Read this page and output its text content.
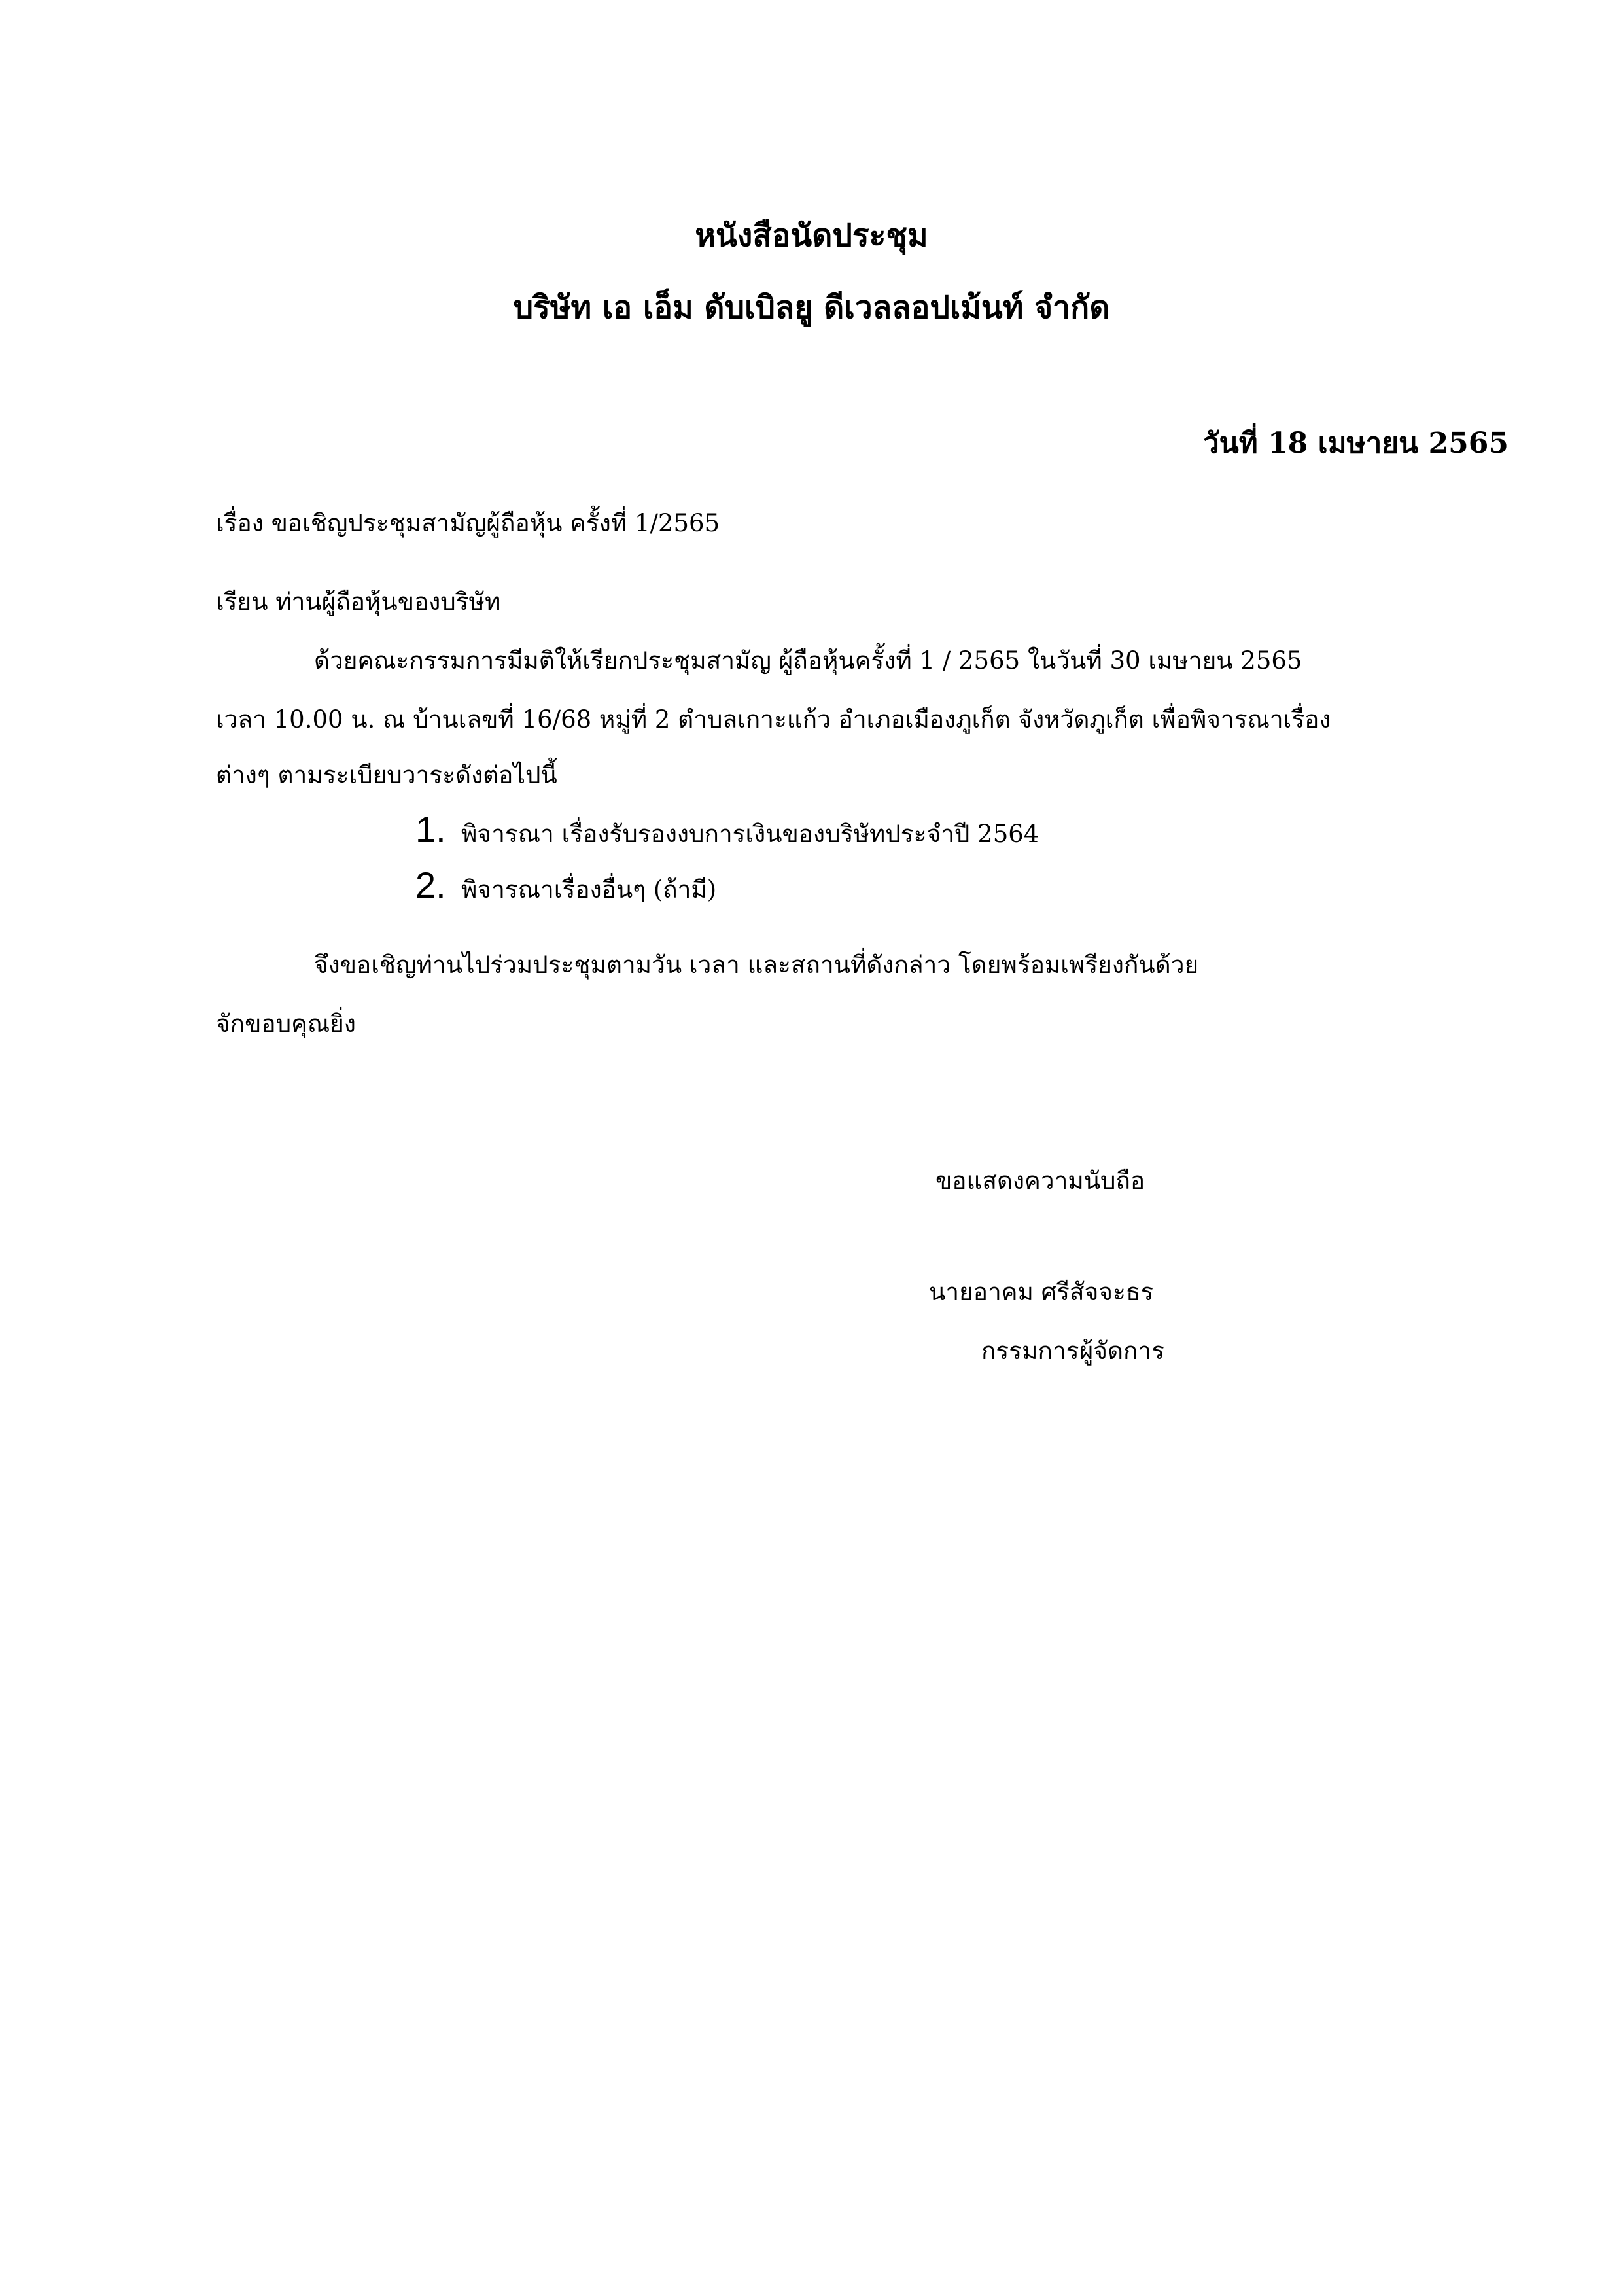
หนังสือนัดประชุม
บริษัท เอ เอ็ม ดับเบิลยู ดีเวลลอปเม้นท์ จำกัด
วันที่ 18 เมษายน 2565
เรื่อง ขอเชิญประชุมสามัญผู้ถือหุ้น ครั้งที่ 1/2565
เรียน ท่านผู้ถือหุ้นของบริษัท
ด้วยคณะกรรมการมีมติให้เรียกประชุมสามัญ ผู้ถือหุ้นครั้งที่ 1 / 2565 ในวันที่ 30 เมษายน 2565
เวลา 10.00 น. ณ บ้านเลขที่ 16/68 หมู่ที่ 2 ตำบลเกาะแก้ว อำเภอเมืองภูเก็ต จังหวัดภูเก็ต เพื่อพิจารณาเรื่อง
ต่างๆ ตามระเบียบวาระดังต่อไปนี้
1. พิจารณา เรื่องรับรองงบการเงินของบริษัทประจำปี 2564
2. พิจารณาเรื่องอื่นๆ (ถ้ามี)
จึงขอเชิญท่านไปร่วมประชุมตามวัน เวลา และสถานที่ดังกล่าว โดยพร้อมเพรียงกันด้วย
จักขอบคุณยิ่ง
ขอแสดงความนับถือ
นายอาคม ศรีสัจจะธร
กรรมการผู้จัดการ
